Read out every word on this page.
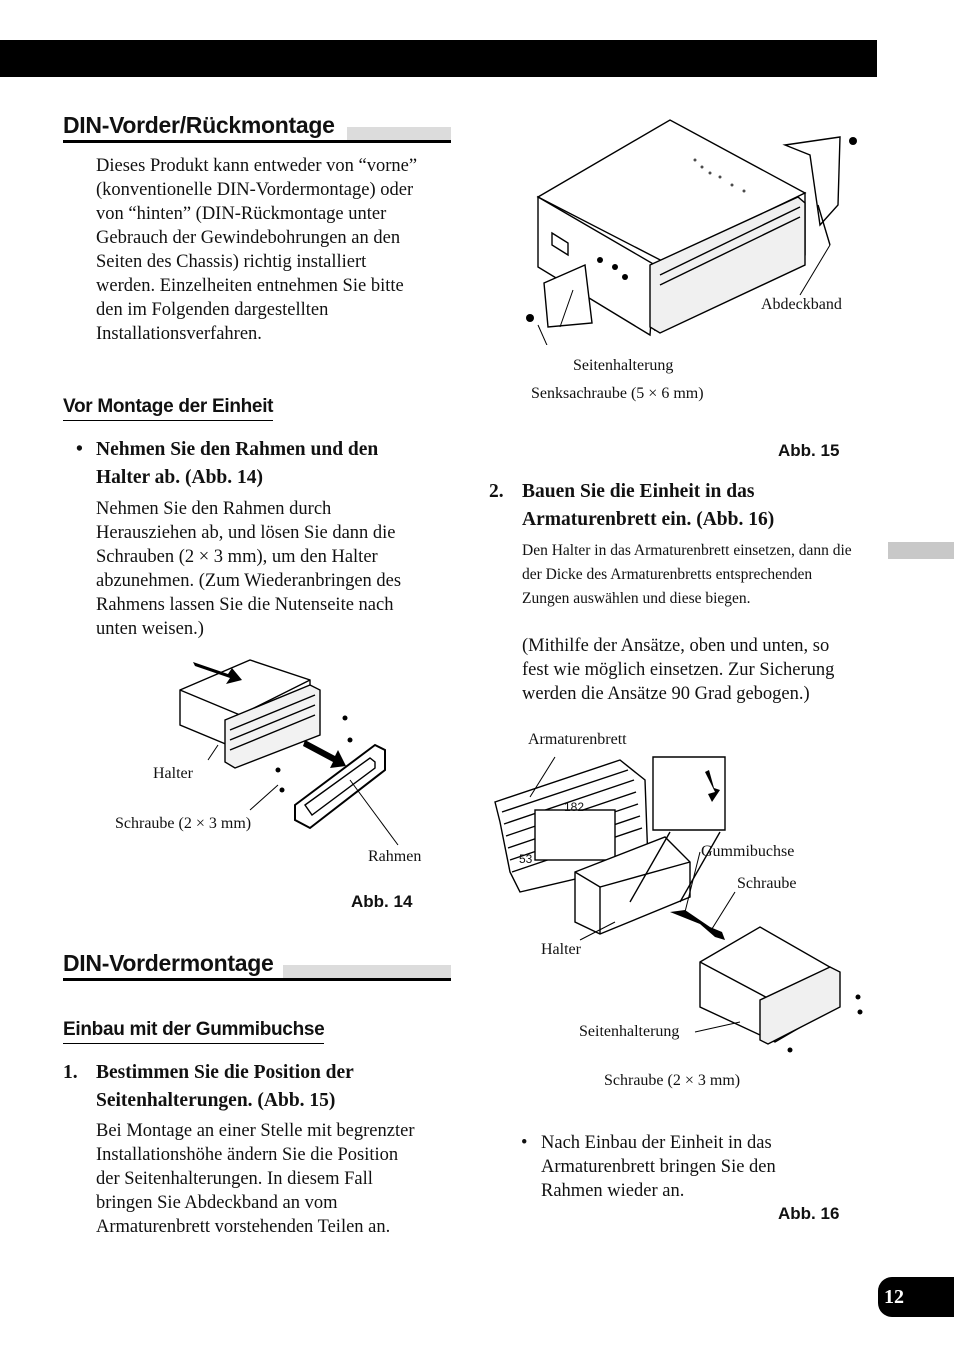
DIN-Vorder/Rückmontage
Dieses Produkt kann entweder von “vorne” (konventionelle DIN-Vordermontage) oder von “hinten” (DIN-Rückmontage unter Gebrauch der Gewindebohrungen an den Seiten des Chassis) richtig installiert werden. Einzelheiten entnehmen Sie bitte den im Folgenden dargestellten Installationsverfahren.
Vor Montage der Einheit
• Nehmen Sie den Rahmen und den Halter ab. (Abb. 14)
Nehmen Sie den Rahmen durch Herausziehen ab, und lösen Sie dann die Schrauben (2 × 3 mm), um den Halter abzunehmen. (Zum Wiederanbringen des Rahmens lassen Sie die Nutenseite nach unten weisen.)
Halter
Schraube (2 × 3 mm)
Rahmen
Abb. 14
DIN-Vordermontage
Einbau mit der Gummibuchse
1. Bestimmen Sie die Position der Seitenhalterungen. (Abb. 15)
Bei Montage an einer Stelle mit begrenzter Installationshöhe ändern Sie die Position der Seitenhalterungen. In diesem Fall bringen Sie Abdeckband an vom Armaturenbrett vorstehenden Teilen an.
Abdeckband
Seitenhalterung
Senksachraube (5 × 6 mm)
Abb. 15
2. Bauen Sie die Einheit in das Armaturenbrett ein. (Abb. 16)
Den Halter in das Armaturenbrett einsetzen, dann die der Dicke des Armaturenbretts entsprechenden Zungen auswählen und diese biegen.
(Mithilfe der Ansätze, oben und unten, so fest wie möglich einsetzen. Zur Sicherung werden die Ansätze 90 Grad gebogen.)
182
53
Armaturenbrett
Gummibuchse
Schraube
Halter
Seitenhalterung
Schraube (2 × 3 mm)
• Nach Einbau der Einheit in das Armaturenbrett bringen Sie den Rahmen wieder an.
Abb. 16
12
